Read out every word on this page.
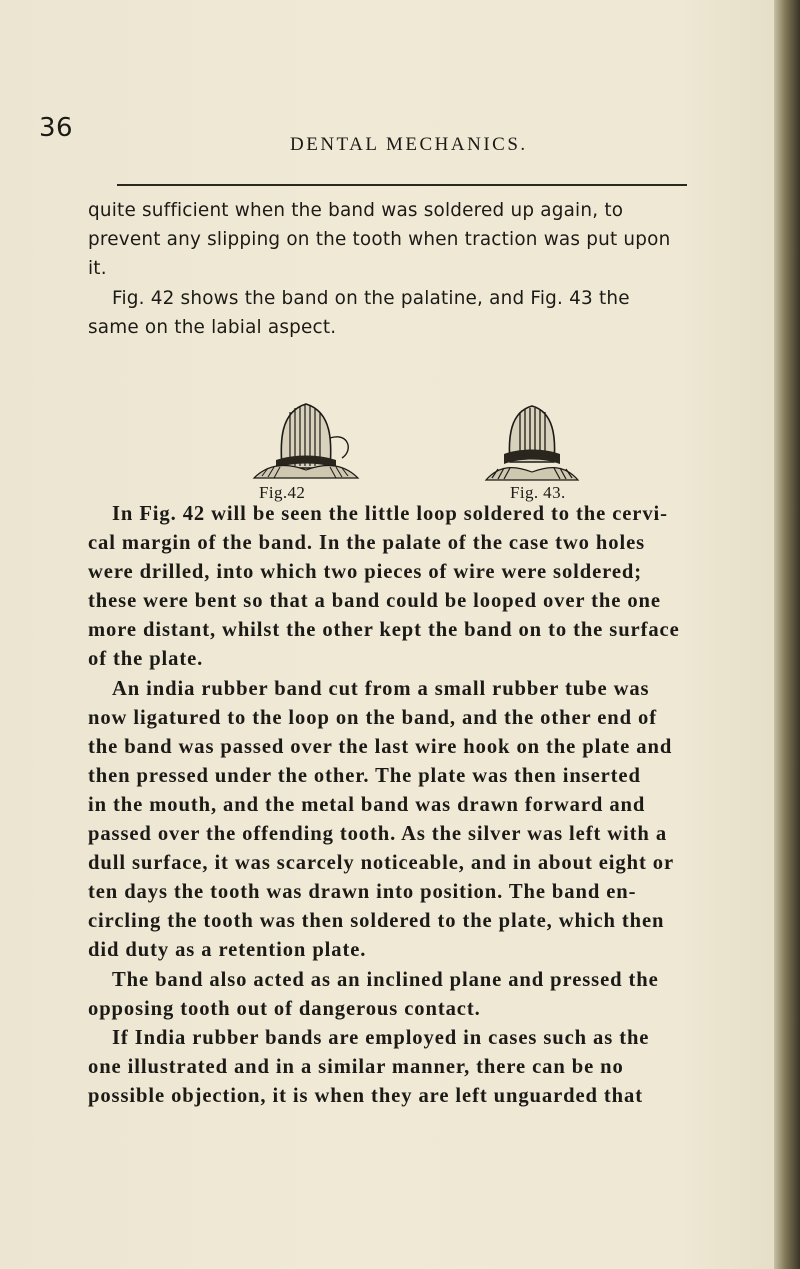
36
DENTAL MECHANICS.
quite sufficient when the band was soldered up again, to
prevent any slipping on the tooth when traction was put upon
it.
Fig. 42 shows the band on the palatine, and Fig. 43 the
same on the labial aspect.
Fig.42	Fig. 43.
In Fig. 42 will be seen the little loop soldered to the cervi-
cal margin of the band. In the palate of the case two holes
were drilled, into which two pieces of wire were soldered;
these were bent so that a band could be looped over the one
more distant, whilst the other kept the band on to the surface
of the plate.
An india rubber band cut from a small rubber tube was
now ligatured to the loop on the band, and the other end of
the band was passed over the last wire hook on the plate and
then pressed under the other. The plate was then inserted
in the mouth, and the metal band was drawn forward and
passed over the offending tooth. As the silver was left with a
dull surface, it was scarcely noticeable, and in about eight or
ten days the tooth was drawn into position. The band en-
circling the tooth was then soldered to the plate, which then
did duty as a retention plate.
The band also acted as an inclined plane and pressed the
opposing tooth out of dangerous contact.
If India rubber bands are employed in cases such as the
one illustrated and in a similar manner, there can be no
possible objection, it is when they are left unguarded that
